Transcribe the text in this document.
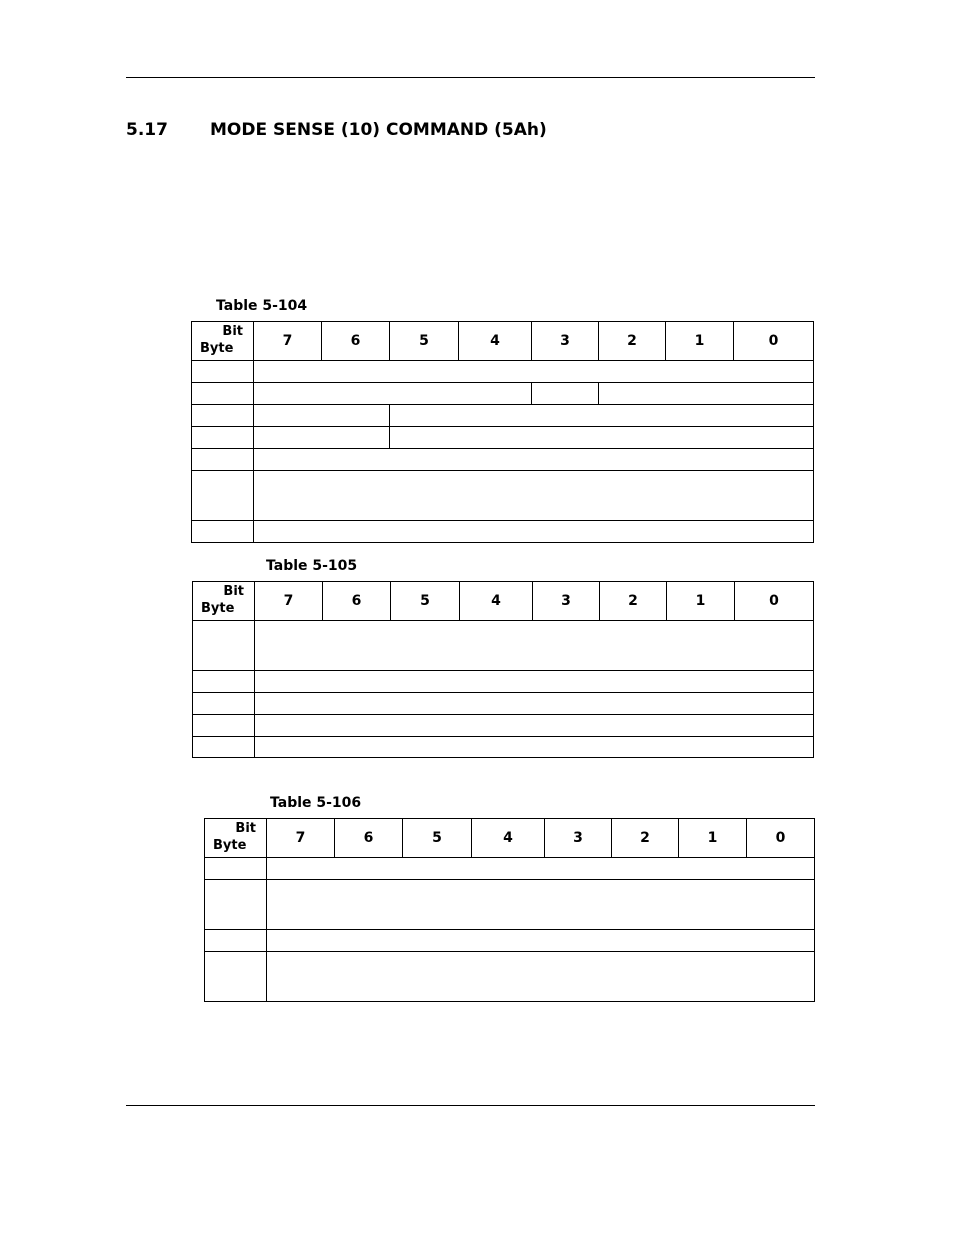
5.17 MODE SENSE (10) COMMAND (5Ah)
Table 5-104
Bit
Byte	7	6	5	4	3	2	1	0

Table 5-105
Bit
Byte	7	6	5	4	3	2	1	0

Table 5-106
Bit
Byte	7	6	5	4	3	2	1	0
